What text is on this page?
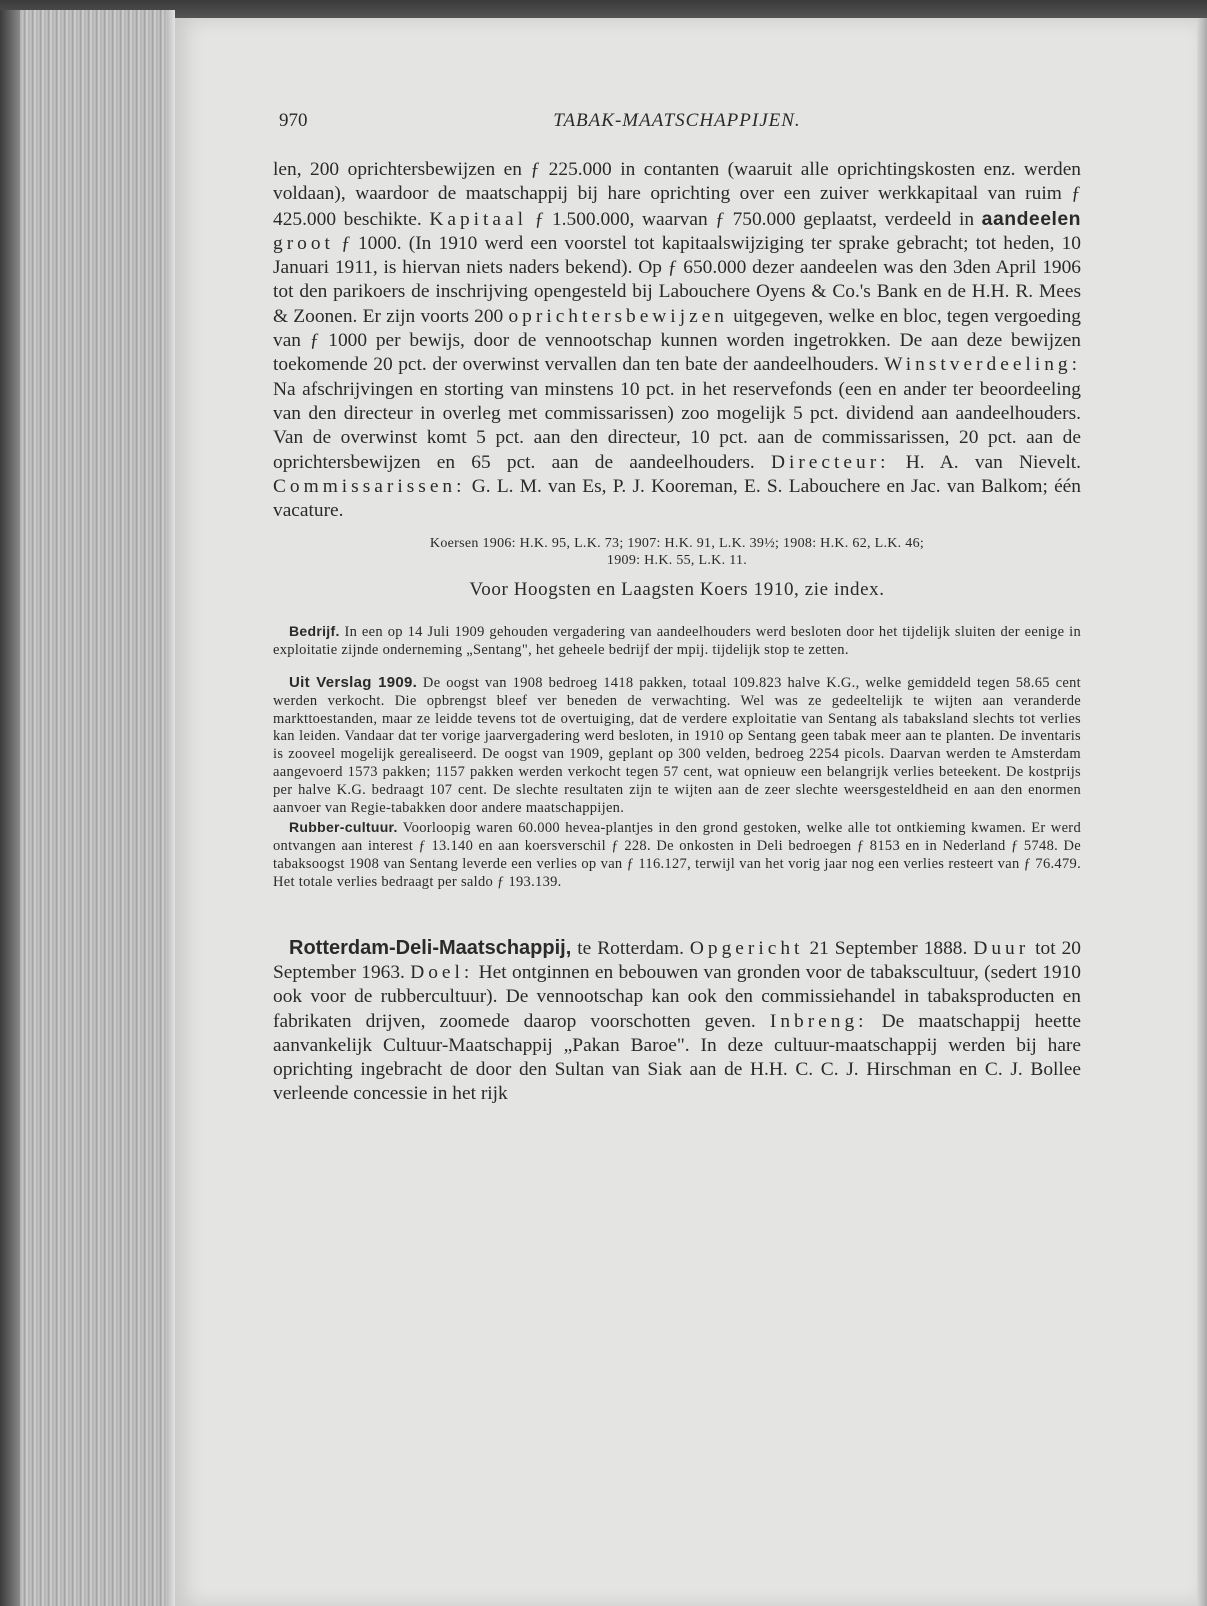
970	TABAK-MAATSCHAPPIJEN.

len, 200 oprichtersbewijzen en ƒ 225.000 in contanten (waaruit alle oprichtingskosten enz. werden voldaan), waardoor de maatschappij bij hare oprichting over een zuiver werkkapitaal van ruim ƒ 425.000 beschikte. Kapitaal ƒ 1.500.000, waarvan ƒ 750.000 geplaatst, verdeeld in aandeelen groot ƒ 1000. (In 1910 werd een voorstel tot kapitaalswijziging ter sprake gebracht; tot heden, 10 Januari 1911, is hiervan niets naders bekend). Op ƒ 650.000 dezer aandeelen was den 3den April 1906 tot den parikoers de inschrijving opengesteld bij Labouchere Oyens & Co.'s Bank en de H.H. R. Mees & Zoonen. Er zijn voorts 200 oprichtersbewijzen uitgegeven, welke en bloc, tegen vergoeding van ƒ 1000 per bewijs, door de vennootschap kunnen worden ingetrokken. De aan deze bewijzen toekomende 20 pct. der overwinst vervallen dan ten bate der aandeelhouders. Winstverdeeling: Na afschrijvingen en storting van minstens 10 pct. in het reservefonds (een en ander ter beoordeeling van den directeur in overleg met commissarissen) zoo mogelijk 5 pct. dividend aan aandeelhouders. Van de overwinst komt 5 pct. aan den directeur, 10 pct. aan de commissarissen, 20 pct. aan de oprichtersbewijzen en 65 pct. aan de aandeelhouders. Directeur: H. A. van Nievelt. Commissarissen: G. L. M. van Es, P. J. Kooreman, E. S. Labouchere en Jac. van Balkom; één vacature.

Koersen 1906: H.K. 95, L.K. 73; 1907: H.K. 91, L.K. 39½; 1908: H.K. 62, L.K. 46;
1909: H.K. 55, L.K. 11.
Voor Hoogsten en Laagsten Koers 1910, zie index.

Bedrijf. In een op 14 Juli 1909 gehouden vergadering van aandeelhouders werd besloten door het tijdelijk sluiten der eenige in exploitatie zijnde onderneming „Sentang", het geheele bedrijf der mpij. tijdelijk stop te zetten.

Uit Verslag 1909. De oogst van 1908 bedroeg 1418 pakken, totaal 109.823 halve K.G., welke gemiddeld tegen 58.65 cent werden verkocht. Die opbrengst bleef ver beneden de verwachting. Wel was ze gedeeltelijk te wijten aan veranderde markttoestanden, maar ze leidde tevens tot de overtuiging, dat de verdere exploitatie van Sentang als tabaksland slechts tot verlies kan leiden. Vandaar dat ter vorige jaarvergadering werd besloten, in 1910 op Sentang geen tabak meer aan te planten. De inventaris is zooveel mogelijk gerealiseerd. De oogst van 1909, geplant op 300 velden, bedroeg 2254 picols. Daarvan werden te Amsterdam aangevoerd 1573 pakken; 1157 pakken werden verkocht tegen 57 cent, wat opnieuw een belangrijk verlies beteekent. De kostprijs per halve K.G. bedraagt 107 cent. De slechte resultaten zijn te wijten aan de zeer slechte weersgesteldheid en aan den enormen aanvoer van Regie-tabakken door andere maatschappijen.

Rubber-cultuur. Voorloopig waren 60.000 hevea-plantjes in den grond gestoken, welke alle tot ontkieming kwamen. Er werd ontvangen aan interest ƒ 13.140 en aan koersverschil ƒ 228. De onkosten in Deli bedroegen ƒ 8153 en in Nederland ƒ 5748. De tabaksoogst 1908 van Sentang leverde een verlies op van ƒ 116.127, terwijl van het vorig jaar nog een verlies resteert van ƒ 76.479. Het totale verlies bedraagt per saldo ƒ 193.139.

Rotterdam-Deli-Maatschappij, te Rotterdam. Opgericht 21 September 1888. Duur tot 20 September 1963. Doel: Het ontginnen en bebouwen van gronden voor de tabakscultuur, (sedert 1910 ook voor de rubbercultuur). De vennootschap kan ook den commissiehandel in tabaksproducten en fabrikaten drijven, zoomede daarop voorschotten geven. Inbreng: De maatschappij heette aanvankelijk Cultuur-Maatschappij „Pakan Baroe". In deze cultuur-maatschappij werden bij hare oprichting ingebracht de door den Sultan van Siak aan de H.H. C. C. J. Hirschman en C. J. Bollee verleende concessie in het rijk
